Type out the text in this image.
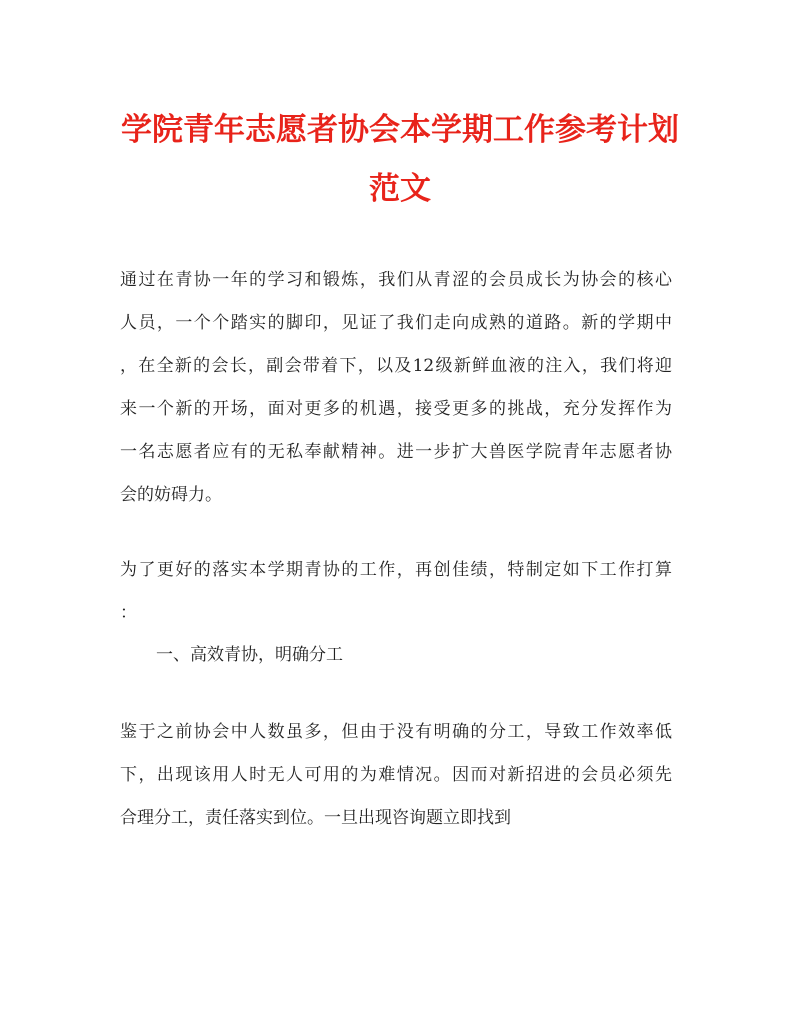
学院青年志愿者协会本学期工作参考计划
范文
通过在青协一年的学习和锻炼，我们从青涩的会员成长为协会的核心
人员，一个个踏实的脚印，见证了我们走向成熟的道路。新的学期中
，在全新的会长，副会带着下，以及12级新鲜血液的注入，我们将迎
来一个新的开场，面对更多的机遇，接受更多的挑战，充分发挥作为
一名志愿者应有的无私奉献精神。进一步扩大兽医学院青年志愿者协
会的妨碍力。
为了更好的落实本学期青协的工作，再创佳绩，特制定如下工作打算
：
一、高效青协，明确分工
鉴于之前协会中人数虽多，但由于没有明确的分工，导致工作效率低
下，出现该用人时无人可用的为难情况。因而对新招进的会员必须先
合理分工，责任落实到位。一旦出现咨询题立即找到
